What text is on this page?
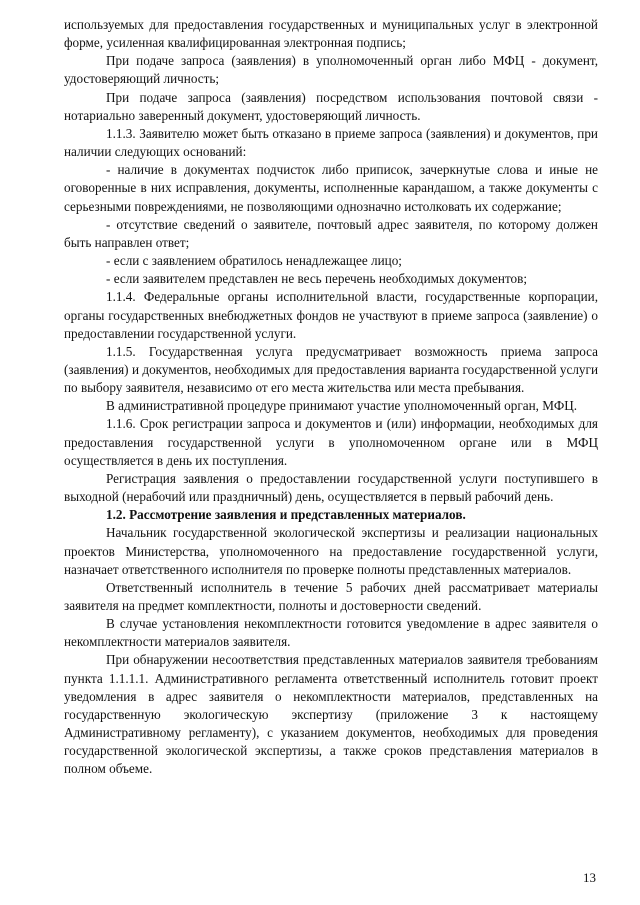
используемых для предоставления государственных и муниципальных услуг в электронной форме, усиленная квалифицированная электронная подпись;

При подаче запроса (заявления) в уполномоченный орган либо МФЦ - документ, удостоверяющий личность;

При подаче запроса (заявления) посредством использования почтовой связи - нотариально заверенный документ, удостоверяющий личность.

1.1.3. Заявителю может быть отказано в приеме запроса (заявления) и документов, при наличии следующих оснований:

- наличие в документах подчисток либо приписок, зачеркнутые слова и иные не оговоренные в них исправления, документы, исполненные карандашом, а также документы с серьезными повреждениями, не позволяющими однозначно истолковать их содержание;

- отсутствие сведений о заявителе, почтовый адрес заявителя, по которому должен быть направлен ответ;

- если с заявлением обратилось ненадлежащее лицо;

- если заявителем представлен не весь перечень необходимых документов;

1.1.4. Федеральные органы исполнительной власти, государственные корпорации, органы государственных внебюджетных фондов не участвуют в приеме запроса (заявление) о предоставлении государственной услуги.

1.1.5. Государственная услуга предусматривает возможность приема запроса (заявления) и документов, необходимых для предоставления варианта государственной услуги по выбору заявителя, независимо от его места жительства или места пребывания.

В административной процедуре принимают участие уполномоченный орган, МФЦ.

1.1.6. Срок регистрации запроса и документов и (или) информации, необходимых для предоставления государственной услуги в уполномоченном органе или в МФЦ осуществляется в день их поступления.

Регистрация заявления о предоставлении государственной услуги поступившего в выходной (нерабочий или праздничный) день, осуществляется в первый рабочий день.

1.2. Рассмотрение заявления и представленных материалов.

Начальник государственной экологической экспертизы и реализации национальных проектов Министерства, уполномоченного на предоставление государственной услуги, назначает ответственного исполнителя по проверке полноты представленных материалов.

Ответственный исполнитель в течение 5 рабочих дней рассматривает материалы заявителя на предмет комплектности, полноты и достоверности сведений.

В случае установления некомплектности готовится уведомление в адрес заявителя о некомплектности материалов заявителя.

При обнаружении несоответствия представленных материалов заявителя требованиям пункта 1.1.1.1. Административного регламента ответственный исполнитель готовит проект уведомления в адрес заявителя о некомплектности материалов, представленных на государственную экологическую экспертизу (приложение 3 к настоящему Административному регламенту), с указанием документов, необходимых для проведения государственной экологической экспертизы, а также сроков представления материалов в полном объеме.

13
